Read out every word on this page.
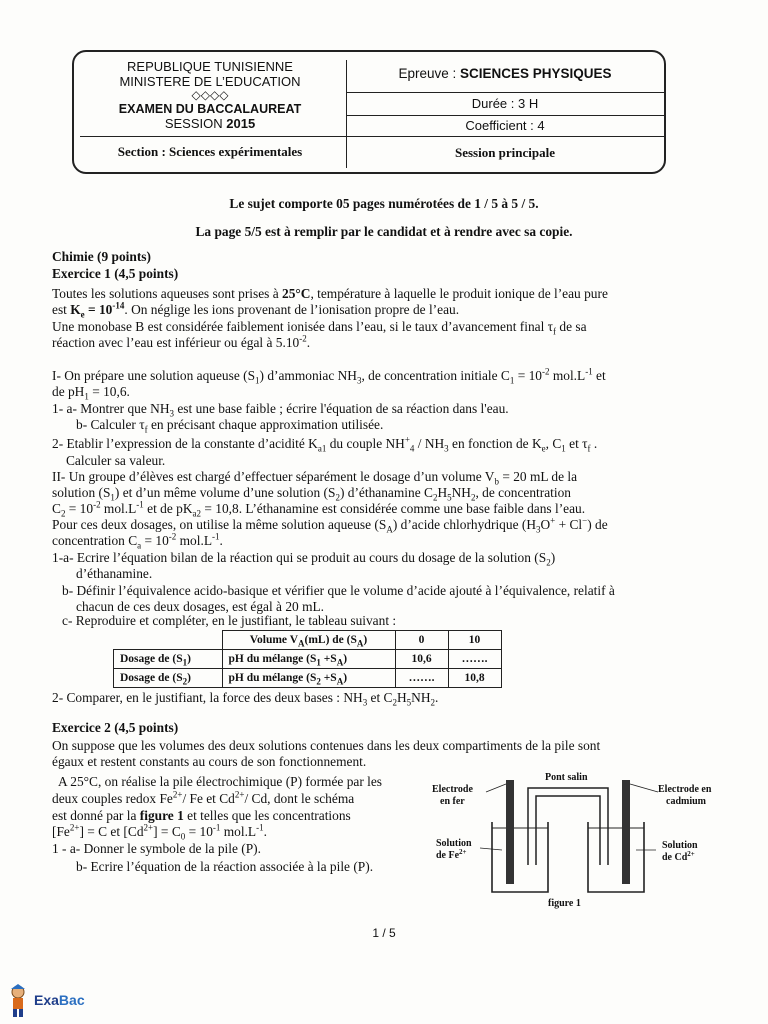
REPUBLIQUE TUNISIENNE
MINISTERE DE L’EDUCATION
◇◇◇◇
EXAMEN DU BACCALAUREAT
SESSION 2015
Section : Sciences expérimentales
Epreuve : SCIENCES PHYSIQUES
Durée : 3 H
Coefficient : 4
Session principale
Le sujet comporte 05 pages numérotées de 1 / 5 à 5 / 5.
La page 5/5 est à remplir par le candidat et à rendre avec sa copie.
Chimie (9 points)
Exercice 1 (4,5 points)
Toutes les solutions aqueuses sont prises à 25°C, température à laquelle le produit ionique de l’eau pure
est $K_e = 10^{-14}$. On néglige les ions provenant de l’ionisation propre de l’eau.
Une monobase B est considérée faiblement ionisée dans l’eau, si le taux d’avancement final $\tau_f$ de sa
réaction avec l’eau est inférieur ou égal à $5.10^{-2}$.
I- On prépare une solution aqueuse $(S_1)$ d’ammoniac $NH_3$, de concentration initiale $C_1 = 10^{-2}$ $mol.L^{-1}$ et
de $pH_1 = 10,6$.
1- a- Montrer que $NH_3$ est une base faible ; écrire l'équation de sa réaction dans l'eau.
b- Calculer $\tau_f$ en précisant chaque approximation utilisée.
2- Etablir l’expression de la constante d’acidité $K_{a1}$ du couple $NH^+_4 / NH_3$ en fonction de $K_e$, $C_1$ et $\tau_f$ .
Calculer sa valeur.
II- Un groupe d’élèves est chargé d’effectuer séparément le dosage d’un volume $V_b = 20$ mL de la
solution $(S_1)$ et d’un même volume d’une solution $(S_2)$ d’éthanamine $C_2H_5NH_2$, de concentration
$C_2 = 10^{-2}$ $mol.L^{-1}$ et de $pK_{a2} = 10,8$. L’éthanamine est considérée comme une base faible dans l’eau.
Pour ces deux dosages, on utilise la même solution aqueuse $(S_A)$ d’acide chlorhydrique $(H_3O^+ + Cl^-)$ de
concentration $C_a = 10^{-2}$ $mol.L^{-1}$.
1-a- Ecrire l’équation bilan de la réaction qui se produit au cours du dosage de la solution $(S_2)$
d’éthanamine.
b- Définir l’équivalence acido-basique et vérifier que le volume d’acide ajouté à l’équivalence, relatif à
chacun de ces deux dosages, est égal à 20 mL.
c- Reproduire et compléter, en le justifiant, le tableau suivant :
	Volume $V_A(mL)$ de $(S_A)$	0	10
Dosage de $(S_1)$	pH du mélange $(S_1 +S_A)$	10,6	…….
Dosage de $(S_2)$	pH du mélange $(S_2 +S_A)$	…….	10,8
2- Comparer, en le justifiant, la force des deux bases : $NH_3$ et $C_2H_5NH_2$.
Exercice 2 (4,5 points)
On suppose que les volumes des deux solutions contenues dans les deux compartiments de la pile sont
égaux et restent constants au cours de son fonctionnement.
A 25°C, on réalise la pile électrochimique (P) formée par les
deux couples redox $Fe^{2+}/$ Fe et $Cd^{2+}/$ Cd, dont le schéma
est donné par la figure 1 et telles que les concentrations
$[Fe^{2+}] = C$ et $[Cd^{2+}] = C_0 = 10^{-1}$ $mol.L^{-1}$.
1 - a- Donner le symbole de la pile (P).
b- Ecrire l’équation de la réaction associée à la pile (P).
Pont salin
Electrode
en fer
Electrode en
cadmium
Solution
de $Fe^{2+}$
Solution
de $Cd^{2+}$
figure 1
1 / 5
ExaBac
